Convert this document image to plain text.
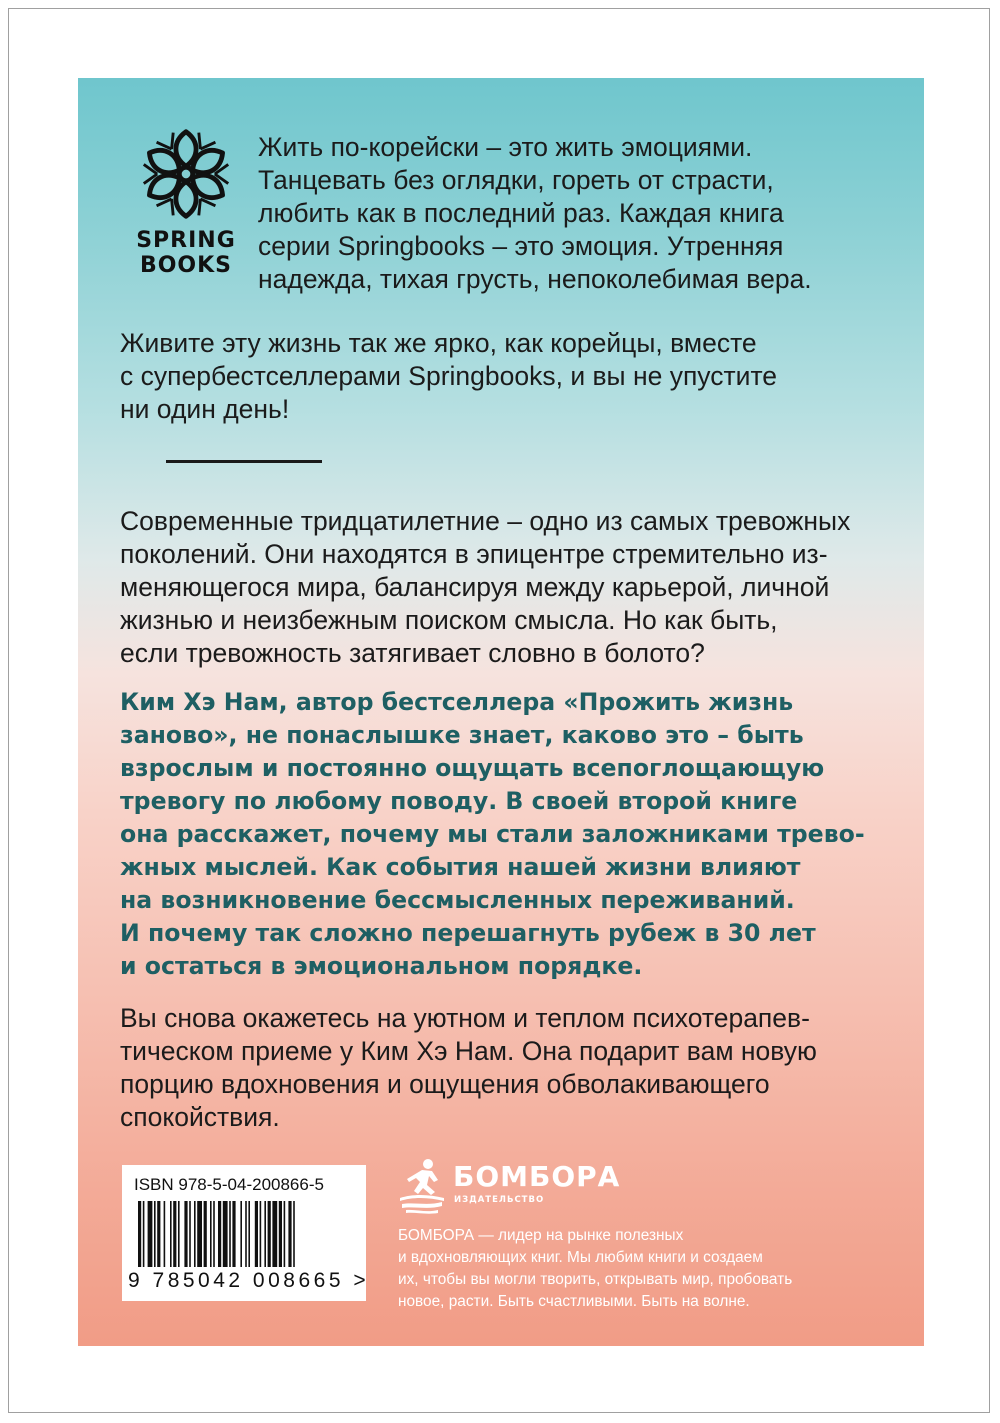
SPRING
BOOKS
Жить по-корейски – это жить эмоциями.
Танцевать без оглядки, гореть от страсти,
любить как в последний раз. Каждая книга
серии Springbooks – это эмоция. Утренняя
надежда, тихая грусть, непоколебимая вера.
Живите эту жизнь так же ярко, как корейцы, вместе
с супербестселлерами Springbooks, и вы не упустите
ни один день!
Современные тридцатилетние – одно из самых тревожных
поколений. Они находятся в эпицентре стремительно из-
меняющегося мира, балансируя между карьерой, личной
жизнью и неизбежным поиском смысла. Но как быть,
если тревожность затягивает словно в болото?
Ким Хэ Нам, автор бестселлера «Прожить жизнь
заново», не понаслышке знает, каково это – быть
взрослым и постоянно ощущать всепоглощающую
тревогу по любому поводу. В своей второй книге
она расскажет, почему мы стали заложниками трево-
жных мыслей. Как события нашей жизни влияют
на возникновение бессмысленных переживаний.
И почему так сложно перешагнуть рубеж в 30 лет
и остаться в эмоциональном порядке.
Вы снова окажетесь на уютном и теплом психотерапев-
тическом приеме у Ким Хэ Нам. Она подарит вам новую
порцию вдохновения и ощущения обволакивающего
спокойствия.
ISBN 978-5-04-200866-5
9 785042 008665 >
БОМБОРА
ИЗДАТЕЛЬСТВО
БОМБОРА — лидер на рынке полезных
и вдохновляющих книг. Мы любим книги и создаем
их, чтобы вы могли творить, открывать мир, пробовать
новое, расти. Быть счастливыми. Быть на волне.
